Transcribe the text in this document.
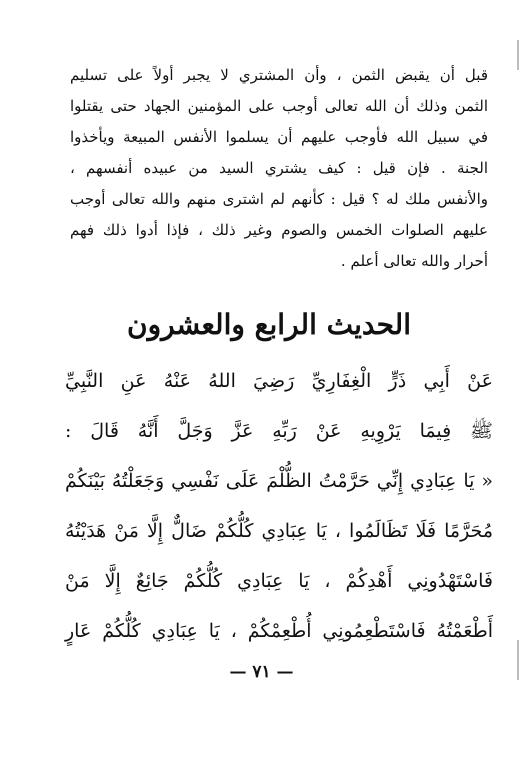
قبل أن يقبض الثمن ، وأن المشتري لا يجبر أولاً على تسليم
الثمن وذلك أن الله تعالى أوجب على المؤمنين الجهاد حتى يقتلوا
في سبيل الله فأوجب عليهم أن يسلموا الأنفس المبيعة ويأخذوا
الجنة . فإن قيل : كيف يشتري السيد من عبيده أنفسهم ،
والأنفس ملك له ؟ قيل : كأنهم لم اشترى منهم والله تعالى أوجب
عليهم الصلوات الخمس والصوم وغير ذلك ، فإذا أدوا ذلك فهم
أحرار والله تعالى أعلم .
الحديث الرابع والعشرون
عَنْ أَبِي ذَرٍّ الْغِفَارِيِّ رَضِيَ اللهُ عَنْهُ عَنِ النَّبِيِّ
ﷺ فِيمَا يَرْوِيهِ عَنْ رَبِّهِ عَزَّ وَجَلَّ أَنَّهُ قَالَ :
« يَا عِبَادِي إِنِّي حَرَّمْتُ الظُّلْمَ عَلَى نَفْسِي وَجَعَلْتُهُ بَيْنَكُمْ
مُحَرَّمًا فَلَا تَظَالَمُوا ، يَا عِبَادِي كُلُّكُمْ ضَالٌّ إِلَّا مَنْ هَدَيْتُهُ
فَاسْتَهْدُونِي أَهْدِكُمْ ، يَا عِبَادِي كُلُّكُمْ جَائِعٌ إِلَّا مَنْ
أَطْعَمْتُهُ فَاسْتَطْعِمُونِي أُطْعِمْكُمْ ، يَا عِبَادِي كُلُّكُمْ عَارٍ
— ٧١ —
